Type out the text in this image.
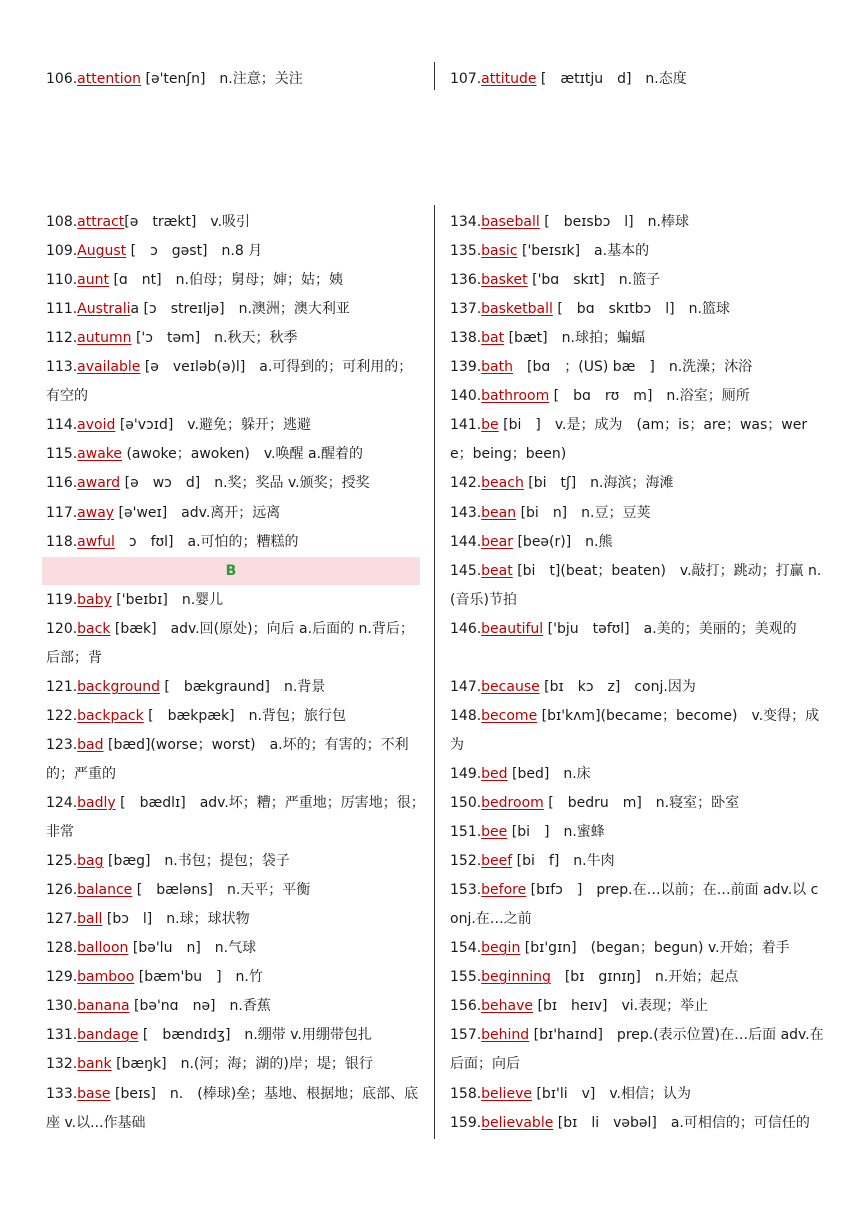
106.attention [ə'tenʃn]　n.注意；关注	107.attitude [　ætɪtju　d]　n.态度
B
108.attract[ə　trækt]　v.吸引
109.August [　ɔ　gəst]　n.8 月
110.aunt [ɑ　nt]　n.伯母；舅母；婶；姑；姨
111.Australia [ɔ　streɪljə]　n.澳洲；澳大利亚
112.autumn ['ɔ　təm]　n.秋天；秋季
113.available [ə　veɪləb(ə)l]　a.可得到的；可利用的；有空的
114.avoid [ə'vɔɪd]　v.避免；躲开；逃避
115.awake (awoke；awoken)　v.唤醒 a.醒着的
116.award [ə　wɔ　d]　n.奖；奖品 v.颁奖；授奖
117.away [ə'weɪ]　adv.离开；远离
118.awful　ɔ　fʊl]　a.可怕的；糟糕的
119.baby ['beɪbɪ]　n.婴儿
120.back [bæk]　adv.回(原处)；向后 a.后面的 n.背后；后部；背
121.background [　bækgraund]　n.背景
122.backpack [　bækpæk]　n.背包；旅行包
123.bad [bæd](worse；worst)　a.坏的；有害的；不利的；严重的
124.badly [　bædlɪ]　adv.坏；糟；严重地；厉害地；很；非常
125.bag [bæg]　n.书包；提包；袋子
126.balance [　bæləns]　n.天平；平衡
127.ball [bɔ　l]　n.球；球状物
128.balloon [bə'lu　n]　n.气球
129.bamboo [bæm'bu　]　n.竹
130.banana [bə'nɑ　nə]　n.香蕉
131.bandage [　bændɪdʒ]　n.绷带 v.用绷带包扎
132.bank [bæŋk]　n.(河；海；湖的)岸；堤；银行
133.base [beɪs]　n.　(棒球)垒；基地、根据地；底部、底座 v.以...作基础
134.baseball [　beɪsbɔ　l]　n.棒球
135.basic ['beɪsɪk]　a.基本的
136.basket ['bɑ　skɪt]　n.篮子
137.basketball [　bɑ　skɪtbɔ　l]　n.篮球
138.bat [bæt]　n.球拍；蝙蝠
139.bath　[bɑ　；(US) bæ　]　n.洗澡；沐浴
140.bathroom [　bɑ　rʊ　m]　n.浴室；厕所
141.be [bi　]　v.是；成为　(am；is；are；was；were；being；been)
142.beach [bi　tʃ]　n.海滨；海滩
143.bean [bi　n]　n.豆；豆荚
144.bear [beə(r)]　n.熊
145.beat [bi　t](beat；beaten)　v.敲打；跳动；打赢 n.(音乐)节拍
146.beautiful ['bju　təfʊl]　a.美的；美丽的；美观的
147.because [bɪ　kɔ　z]　conj.因为
148.become [bɪ'kʌm](became；become)　v.变得；成为
149.bed [bed]　n.床
150.bedroom [　bedru　m]　n.寝室；卧室
151.bee [bi　]　n.蜜蜂
152.beef [bi　f]　n.牛肉
153.before [bɪfɔ　]　prep.在…以前；在…前面 adv.以 conj.在…之前
154.begin [bɪ'gɪn]　(began；begun) v.开始；着手
155.beginning　[bɪ　gɪnɪŋ]　n.开始；起点
156.behave [bɪ　heɪv]　vi.表现；举止
157.behind [bɪ'haɪnd]　prep.(表示位置)在…后面 adv.在后面；向后
158.believe [bɪ'li　v]　v.相信；认为
159.believable [bɪ　li　vəbəl]　a.可相信的；可信任的
